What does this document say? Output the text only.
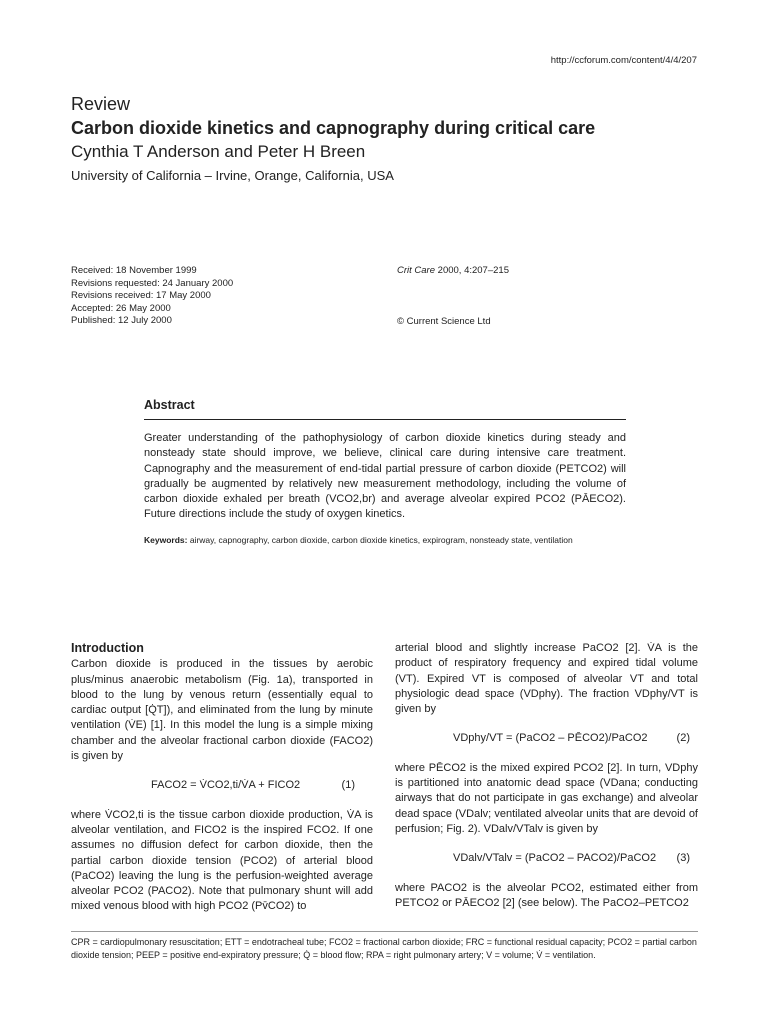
http://ccforum.com/content/4/4/207
Review
Carbon dioxide kinetics and capnography during critical care
Cynthia T Anderson and Peter H Breen
University of California – Irvine, Orange, California, USA
Received: 18 November 1999
Revisions requested: 24 January 2000
Revisions received: 17 May 2000
Accepted: 26 May 2000
Published: 12 July 2000
Crit Care 2000, 4:207–215
© Current Science Ltd
Abstract
Greater understanding of the pathophysiology of carbon dioxide kinetics during steady and nonsteady state should improve, we believe, clinical care during intensive care treatment. Capnography and the measurement of end-tidal partial pressure of carbon dioxide (PETCO2) will gradually be augmented by relatively new measurement methodology, including the volume of carbon dioxide exhaled per breath (VCO2,br) and average alveolar expired PCO2 (PĀECO2). Future directions include the study of oxygen kinetics.
Keywords: airway, capnography, carbon dioxide, carbon dioxide kinetics, expirogram, nonsteady state, ventilation
Introduction

Carbon dioxide is produced in the tissues by aerobic plus/minus anaerobic metabolism (Fig. 1a), transported in blood to the lung by venous return (essentially equal to cardiac output [Q̇T]), and eliminated from the lung by minute ventilation (V̇E) [1]. In this model the lung is a simple mixing chamber and the alveolar fractional carbon dioxide (FACO2) is given by

FACO2 = V̇CO2,ti/V̇A + FICO2	(1)

where V̇CO2,ti is the tissue carbon dioxide production, V̇A is alveolar ventilation, and FICO2 is the inspired FCO2. If one assumes no diffusion defect for carbon dioxide, then the partial carbon dioxide tension (PCO2) of arterial blood (PaCO2) leaving the lung is the perfusion-weighted average alveolar PCO2 (PACO2). Note that pulmonary shunt will add mixed venous blood with high PCO2 (Pv̄CO2) to

arterial blood and slightly increase PaCO2 [2]. V̇A is the product of respiratory frequency and expired tidal volume (VT). Expired VT is composed of alveolar VT and total physiologic dead space (VDphy). The fraction VDphy/VT is given by

VDphy/VT = (PaCO2 – PĒCO2)/PaCO2	(2)

where PĒCO2 is the mixed expired PCO2 [2]. In turn, VDphy is partitioned into anatomic dead space (VDana; conducting airways that do not participate in gas exchange) and alveolar dead space (VDalv; ventilated alveolar units that are devoid of perfusion; Fig. 2). VDalv/VTalv is given by

VDalv/VTalv = (PaCO2 – PACO2)/PaCO2 (3)

where PACO2 is the alveolar PCO2, estimated either from PETCO2 or PĀECO2 [2] (see below). The PaCO2–PETCO2

CPR = cardiopulmonary resuscitation; ETT = endotracheal tube; FCO2 = fractional carbon dioxide; FRC = functional residual capacity; PCO2 = partial carbon dioxide tension; PEEP = positive end-expiratory pressure; Q̇ = blood flow; RPA = right pulmonary artery; V = volume; V̇ = ventilation.
